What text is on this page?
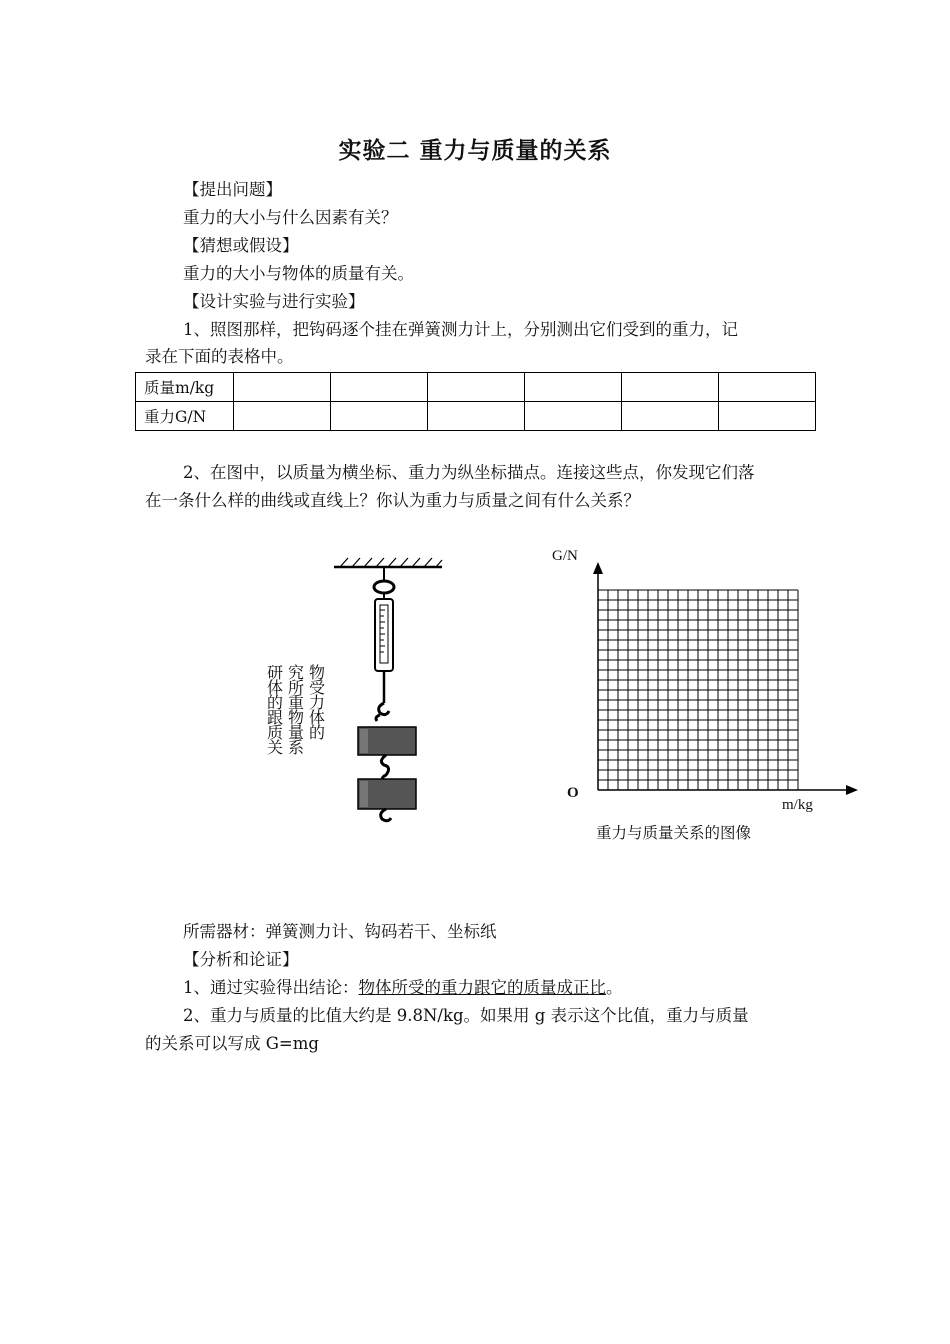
实验二 重力与质量的关系
【提出问题】
重力的大小与什么因素有关？
【猜想或假设】
重力的大小与物体的质量有关。
【设计实验与进行实验】
1、照图那样，把钩码逐个挂在弹簧测力计上，分别测出它们受到的重力，记
录在下面的表格中。
质量m/kg						
重力G/N						
2、在图中，以质量为横坐标、重力为纵坐标描点。连接这些点，你发现它们落
在一条什么样的曲线或直线上？你认为重力与质量之间有什么关系？
研
体
的
跟
质
关
究
所
重
物
量
系
物
受
力
体
的
G/N
O
m/kg
重力与质量关系的图像
所需器材：弹簧测力计、钩码若干、坐标纸
【分析和论证】
1、通过实验得出结论：物体所受的重力跟它的质量成正比。
2、重力与质量的比值大约是 9.8N/kg。如果用 g 表示这个比值，重力与质量
的关系可以写成 G=mg
